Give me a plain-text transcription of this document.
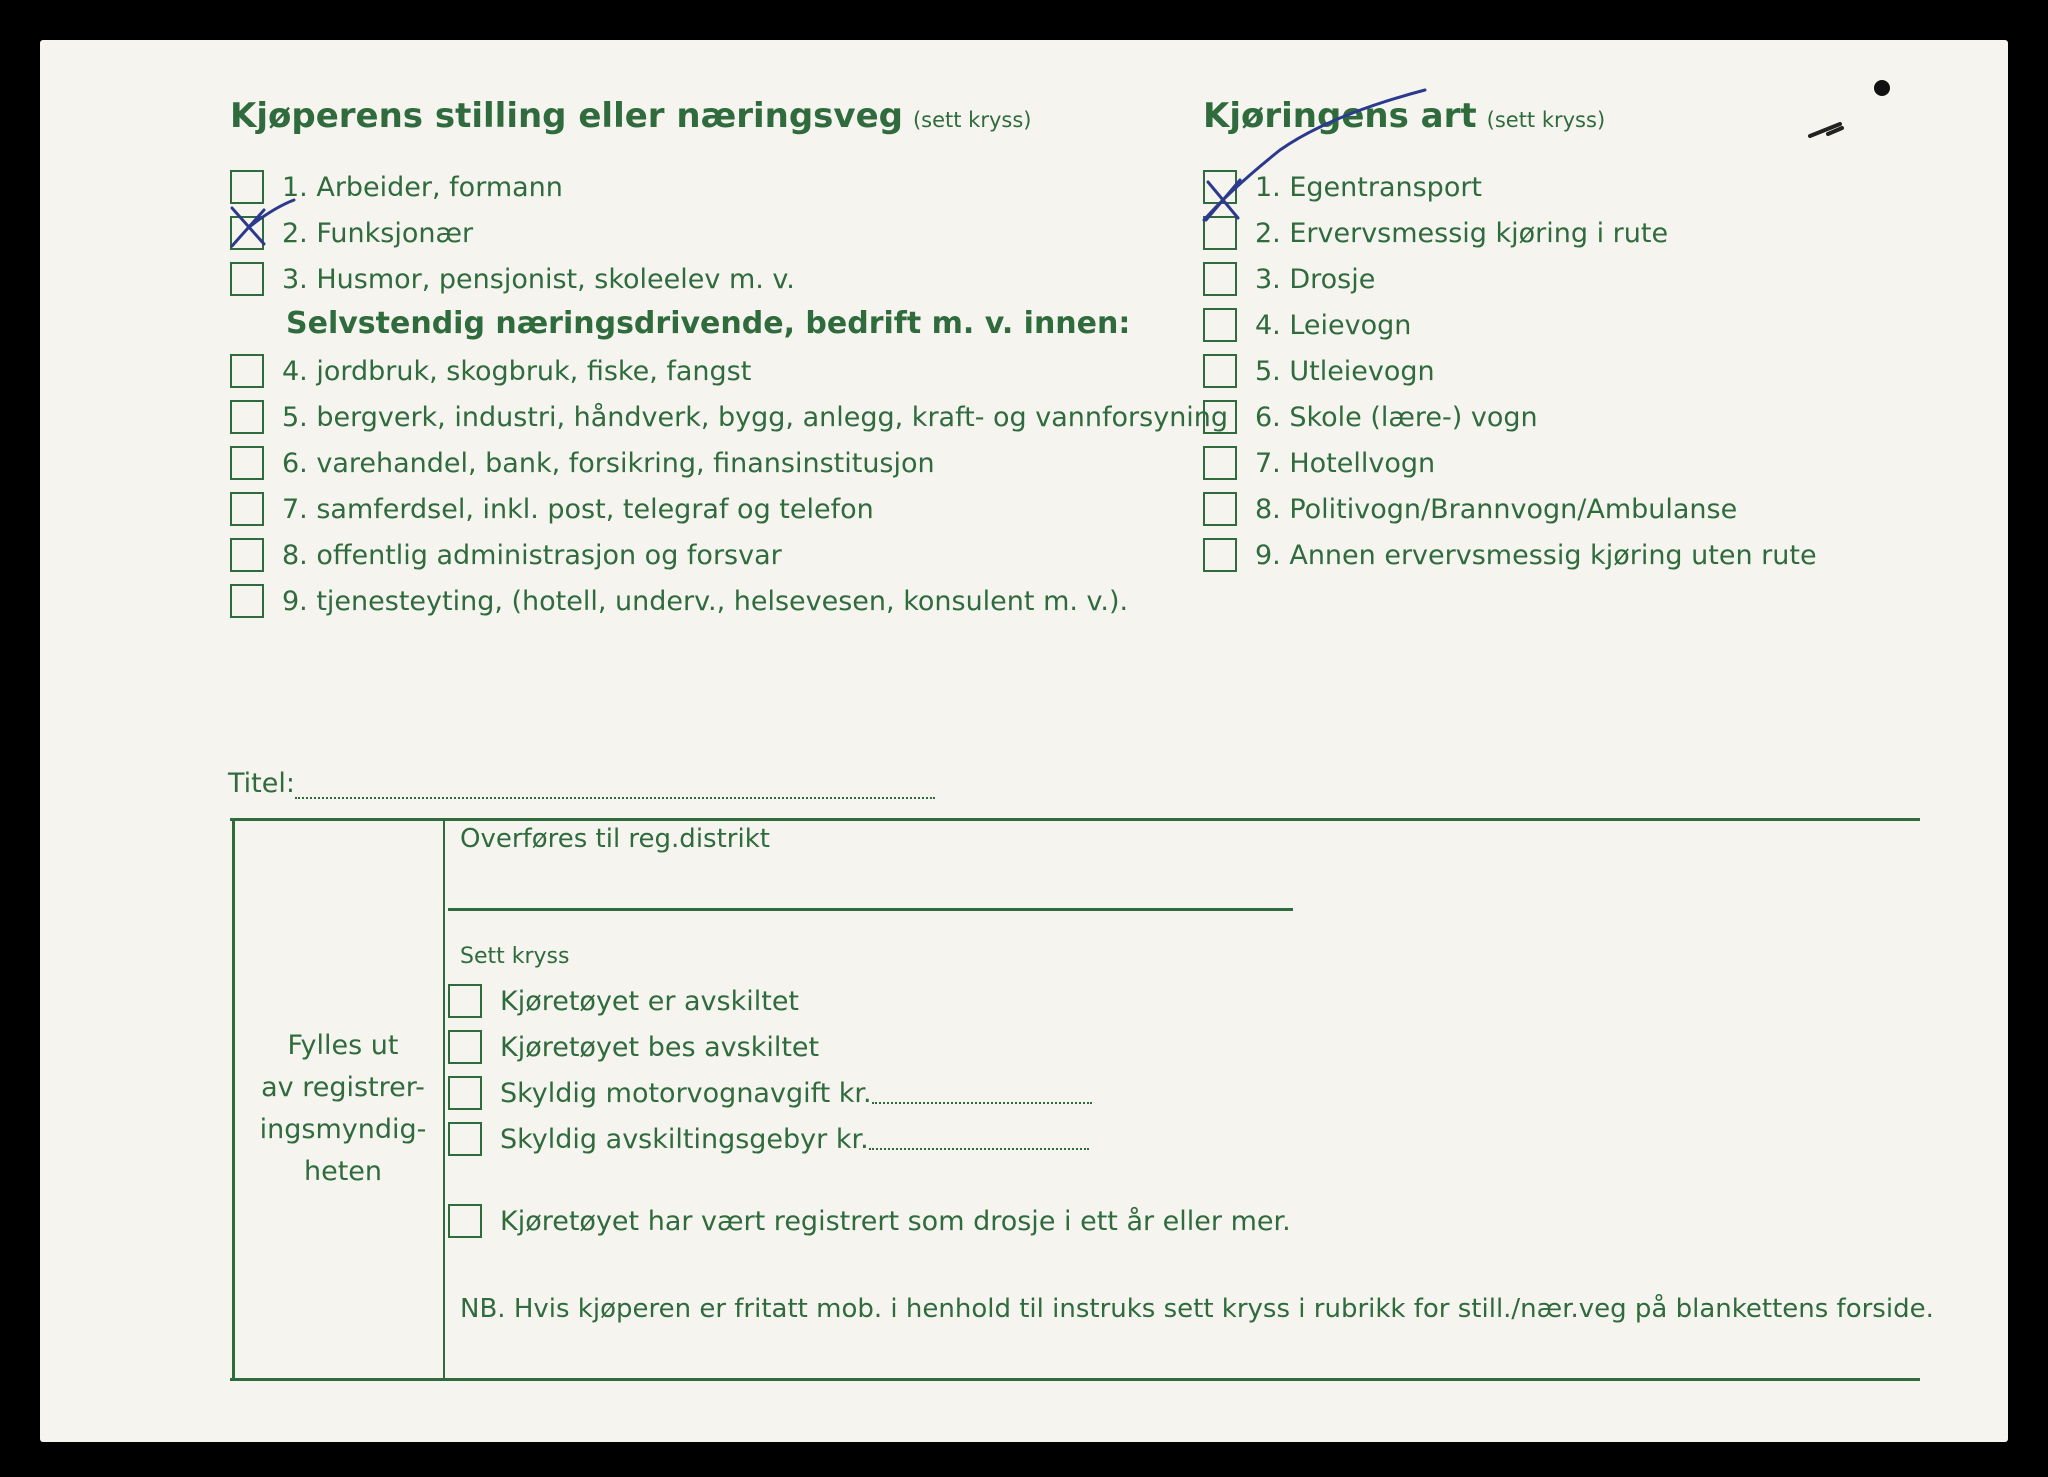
Kjøperens stilling eller næringsveg (sett kryss)	Kjøringens art (sett kryss)
1. Arbeider, formann
2. Funksjonær
3. Husmor, pensjonist, skoleelev m. v.
Selvstendig næringsdrivende, bedrift m. v. innen:
4. jordbruk, skogbruk, fiske, fangst
5. bergverk, industri, håndverk, bygg, anlegg, kraft- og vannforsyning
6. varehandel, bank, forsikring, finansinstitusjon
7. samferdsel, inkl. post, telegraf og telefon
8. offentlig administrasjon og forsvar
9. tjenesteyting, (hotell, underv., helsevesen, konsulent m. v.).
1. Egentransport
2. Ervervsmessig kjøring i rute
3. Drosje
4. Leievogn
5. Utleievogn
6. Skole (lære-) vogn
7. Hotellvogn
8. Politivogn/Brannvogn/Ambulanse
9. Annen ervervsmessig kjøring uten rute
Titel:
Fylles ut
av registrer-
ingsmyndig-
heten
Overføres til reg.distrikt
Sett kryss
Kjøretøyet er avskiltet
Kjøretøyet bes avskiltet
Skyldig motorvognavgift kr.
Skyldig avskiltingsgebyr kr.
Kjøretøyet har vært registrert som drosje i ett år eller mer.
NB. Hvis kjøperen er fritatt mob. i henhold til instruks sett kryss i rubrikk for still./nær.veg på blankettens forside.
